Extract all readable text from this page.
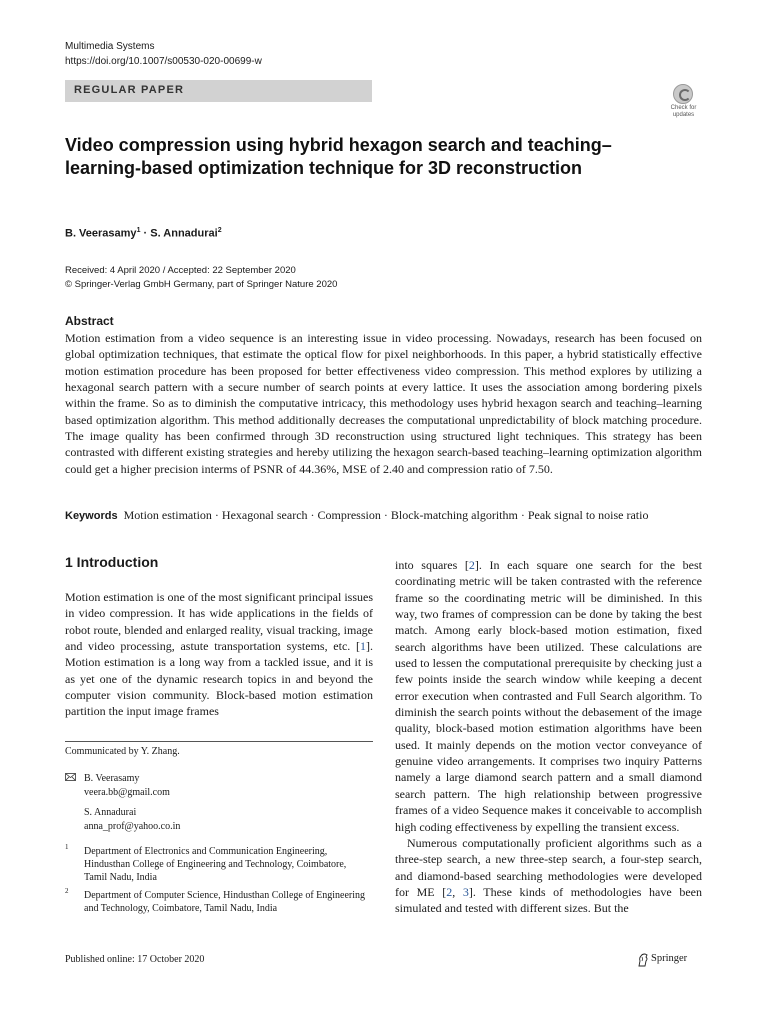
Multimedia Systems
https://doi.org/10.1007/s00530-020-00699-w
REGULAR PAPER
Check for updates
Video compression using hybrid hexagon search and teaching–learning-based optimization technique for 3D reconstruction
B. Veerasamy$^1$ · S. Annadurai$^2$
Received: 4 April 2020 / Accepted: 22 September 2020
© Springer-Verlag GmbH Germany, part of Springer Nature 2020
Abstract
Motion estimation from a video sequence is an interesting issue in video processing. Nowadays, research has been focused on global optimization techniques, that estimate the optical flow for pixel neighborhoods. In this paper, a hybrid statistically effective motion estimation procedure has been proposed for better effectiveness video compression. This method explores by utilizing a hexagonal search pattern with a secure number of search points at every lattice. It uses the association among bordering pixels within the frame. So as to diminish the computative intricacy, this methodology uses hybrid hexagon search and teaching–learning based optimization algorithm. This method additionally decreases the computational unpredictability of block matching procedure. The image quality has been confirmed through 3D reconstruction using structured light techniques. This strategy has been contrasted with different existing strategies and hereby utilizing the hexagon search-based teaching–learning optimization algorithm could get a higher precision interms of PSNR of 44.36%, MSE of 2.40 and compression ratio of 7.50.
Keywords Motion estimation · Hexagonal search · Compression · Block-matching algorithm · Peak signal to noise ratio
1 Introduction

Motion estimation is one of the most significant principal issues in video compression. It has wide applications in the fields of robot route, blended and enlarged reality, visual tracking, image and video processing, astute transportation systems, etc. [1]. Motion estimation is a long way from a tackled issue, and it is as yet one of the dynamic research topics in and beyond the computer vision community. Block-based motion estimation partition the input image frames

into squares [2]. In each square one search for the best coordinating metric will be taken contrasted with the reference frame so the coordinating metric will be diminished. In this way, two frames of compression can be done by taking the best match. Among early block-based motion estimation, fixed search algorithms have been utilized. These calculations are used to lessen the computational prerequisite by checking just a few points inside the search window while keeping a decent error execution when contrasted and Full Search algorithm. To diminish the search points without the debasement of the image quality, block-based motion estimation algorithms have been used. It mainly depends on the motion vector conveyance of genuine video arrangements. It comprises two inquiry Patterns namely a large diamond search pattern and a small diamond search pattern. The high relationship between progressive frames of a video Sequence makes it conceivable to accomplish high coding effectiveness by expelling the transient excess.

Numerous computationally proficient algorithms such as a three-step search, a new three-step search, a four-step search, and diamond-based searching methodologies were developed for ME [2, 3]. These kinds of methodologies have been simulated and tested with different sizes. But the

Communicated by Y. Zhang.
B. Veerasamy
veera.bb@gmail.com
S. Annadurai
anna_prof@yahoo.co.in
1 Department of Electronics and Communication Engineering, Hindusthan College of Engineering and Technology, Coimbatore, Tamil Nadu, India
2 Department of Computer Science, Hindusthan College of Engineering and Technology, Coimbatore, Tamil Nadu, India
Published online: 17 October 2020	Springer
